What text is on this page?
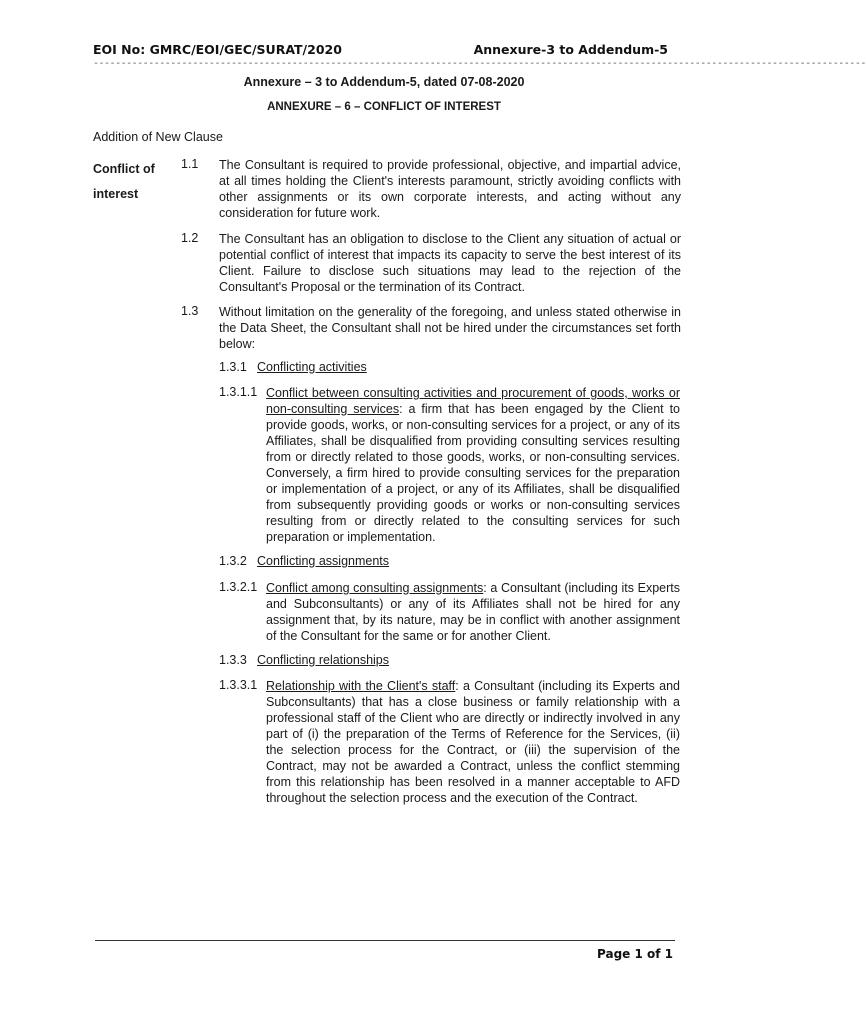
EOI No: GMRC/EOI/GEC/SURAT/2020	Annexure-3 to Addendum-5
--------------------------------------------------------------------------------------------------------------------------------------------
Annexure – 3 to Addendum-5, dated 07-08-2020
ANNEXURE – 6 – CONFLICT OF INTEREST
Addition of New Clause
Conflict of interest
1.1 The Consultant is required to provide professional, objective, and impartial advice, at all times holding the Client's interests paramount, strictly avoiding conflicts with other assignments or its own corporate interests, and acting without any consideration for future work.
1.2 The Consultant has an obligation to disclose to the Client any situation of actual or potential conflict of interest that impacts its capacity to serve the best interest of its Client. Failure to disclose such situations may lead to the rejection of the Consultant's Proposal or the termination of its Contract.
1.3 Without limitation on the generality of the foregoing, and unless stated otherwise in the Data Sheet, the Consultant shall not be hired under the circumstances set forth below:
1.3.1 Conflicting activities
1.3.1.1 Conflict between consulting activities and procurement of goods, works or non-consulting services: a firm that has been engaged by the Client to provide goods, works, or non-consulting services for a project, or any of its Affiliates, shall be disqualified from providing consulting services resulting from or directly related to those goods, works, or non-consulting services. Conversely, a firm hired to provide consulting services for the preparation or implementation of a project, or any of its Affiliates, shall be disqualified from subsequently providing goods or works or non-consulting services resulting from or directly related to the consulting services for such preparation or implementation.
1.3.2 Conflicting assignments
1.3.2.1 Conflict among consulting assignments: a Consultant (including its Experts and Subconsultants) or any of its Affiliates shall not be hired for any assignment that, by its nature, may be in conflict with another assignment of the Consultant for the same or for another Client.
1.3.3 Conflicting relationships
1.3.3.1 Relationship with the Client's staff: a Consultant (including its Experts and Subconsultants) that has a close business or family relationship with a professional staff of the Client who are directly or indirectly involved in any part of (i) the preparation of the Terms of Reference for the Services, (ii) the selection process for the Contract, or (iii) the supervision of the Contract, may not be awarded a Contract, unless the conflict stemming from this relationship has been resolved in a manner acceptable to AFD throughout the selection process and the execution of the Contract.
Page 1 of 1
